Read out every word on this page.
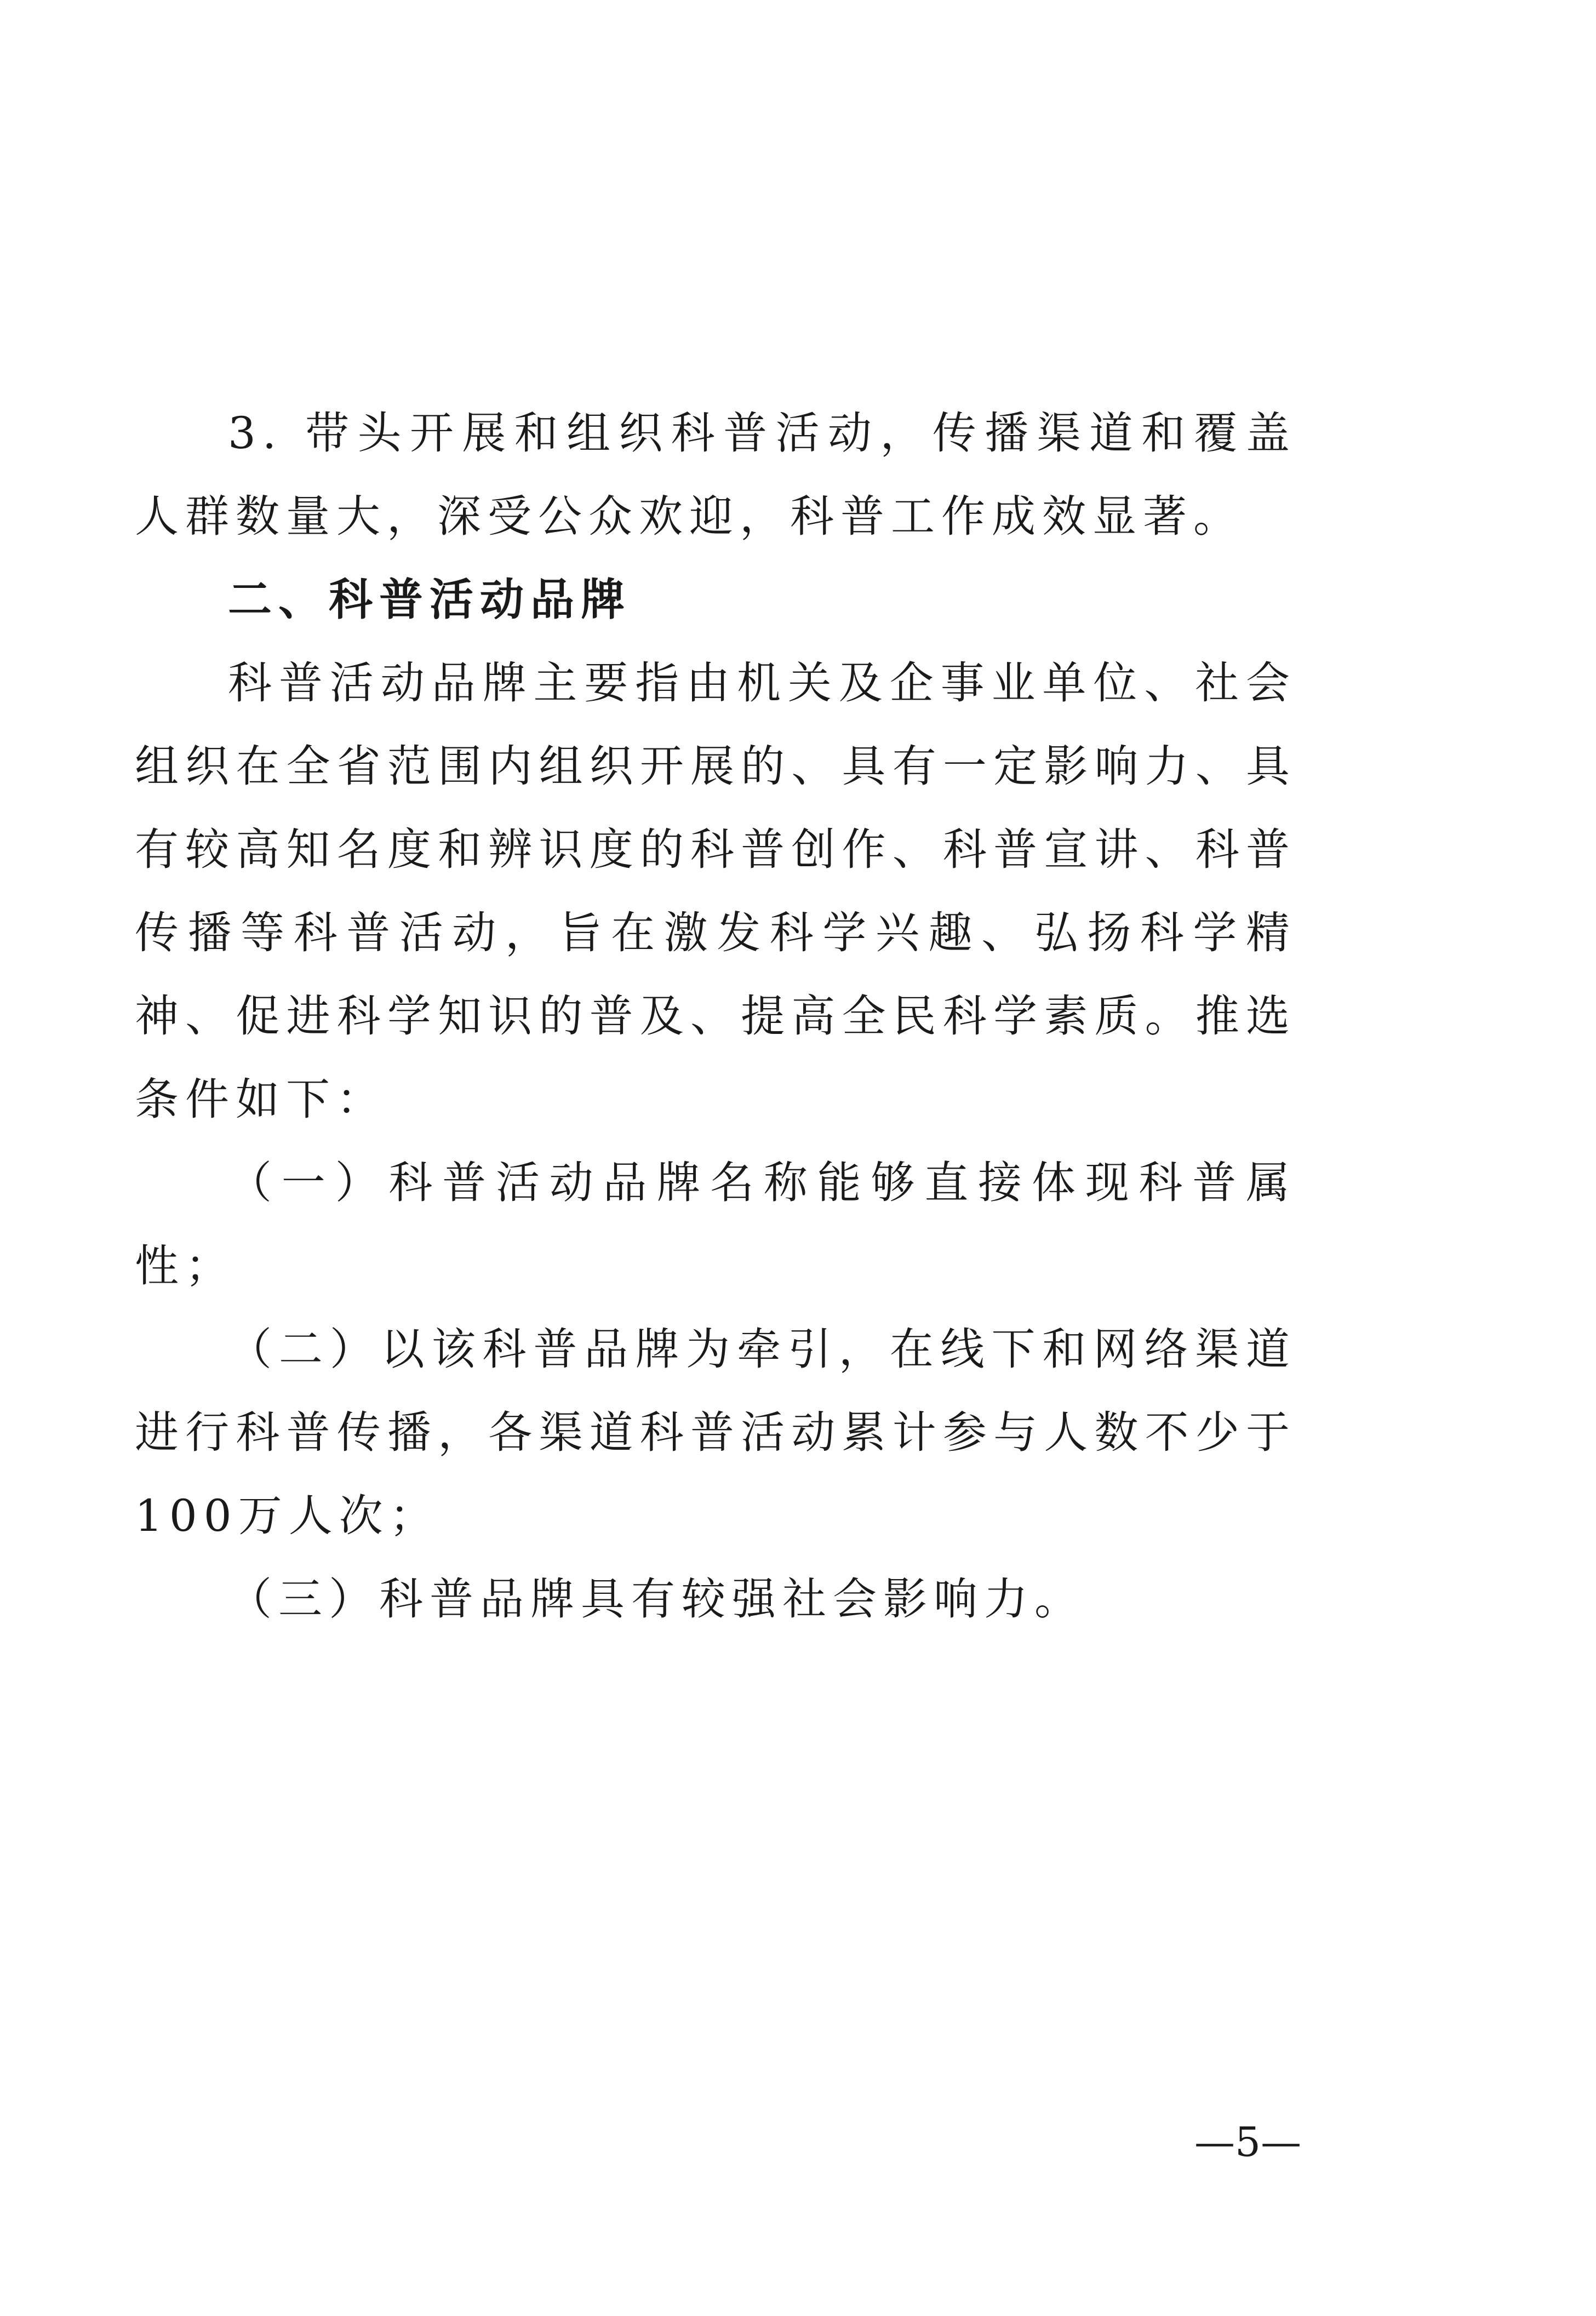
3. 带头开展和组织科普活动，传播渠道和覆盖人群数量大，深受公众欢迎，科普工作成效显著。

二、科普活动品牌

科普活动品牌主要指由机关及企事业单位、社会组织在全省范围内组织开展的、具有一定影响力、具有较高知名度和辨识度的科普创作、科普宣讲、科普传播等科普活动，旨在激发科学兴趣、弘扬科学精神、促进科学知识的普及、提高全民科学素质。推选条件如下：

（一）科普活动品牌名称能够直接体现科普属性；

（二）以该科普品牌为牵引，在线下和网络渠道进行科普传播，各渠道科普活动累计参与人数不少于100万人次；

（三）科普品牌具有较强社会影响力。

—5—
